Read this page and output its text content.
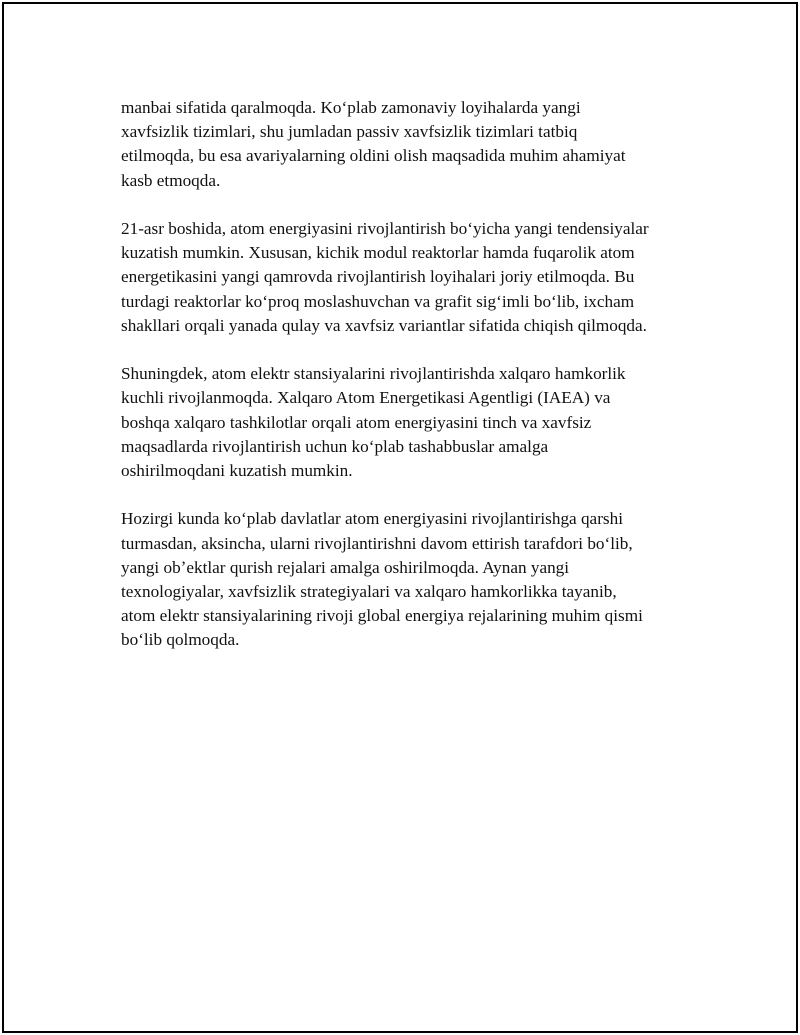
manbai sifatida qaralmoqda. Koʻplab zamonaviy loyihalarda yangi
xavfsizlik tizimlari, shu jumladan passiv xavfsizlik tizimlari tatbiq
etilmoqda, bu esa avariyalarning oldini olish maqsadida muhim ahamiyat
kasb etmoqda.

21-asr boshida, atom energiyasini rivojlantirish boʻyicha yangi tendensiyalar
kuzatish mumkin. Xususan, kichik modul reaktorlar hamda fuqarolik atom
energetikasini yangi qamrovda rivojlantirish loyihalari joriy etilmoqda. Bu
turdagi reaktorlar koʻproq moslashuvchan va grafit sigʻimli boʻlib, ixcham
shakllari orqali yanada qulay va xavfsiz variantlar sifatida chiqish qilmoqda.

Shuningdek, atom elektr stansiyalarini rivojlantirishda xalqaro hamkorlik
kuchli rivojlanmoqda. Xalqaro Atom Energetikasi Agentligi (IAEA) va
boshqa xalqaro tashkilotlar orqali atom energiyasini tinch va xavfsiz
maqsadlarda rivojlantirish uchun koʻplab tashabbuslar amalga
oshirilmoqdani kuzatish mumkin.

Hozirgi kunda koʻplab davlatlar atom energiyasini rivojlantirishga qarshi
turmasdan, aksincha, ularni rivojlantirishni davom ettirish tarafdori boʻlib,
yangi obʼektlar qurish rejalari amalga oshirilmoqda. Aynan yangi
texnologiyalar, xavfsizlik strategiyalari va xalqaro hamkorlikka tayanib,
atom elektr stansiyalarining rivoji global energiya rejalarining muhim qismi
boʻlib qolmoqda.
